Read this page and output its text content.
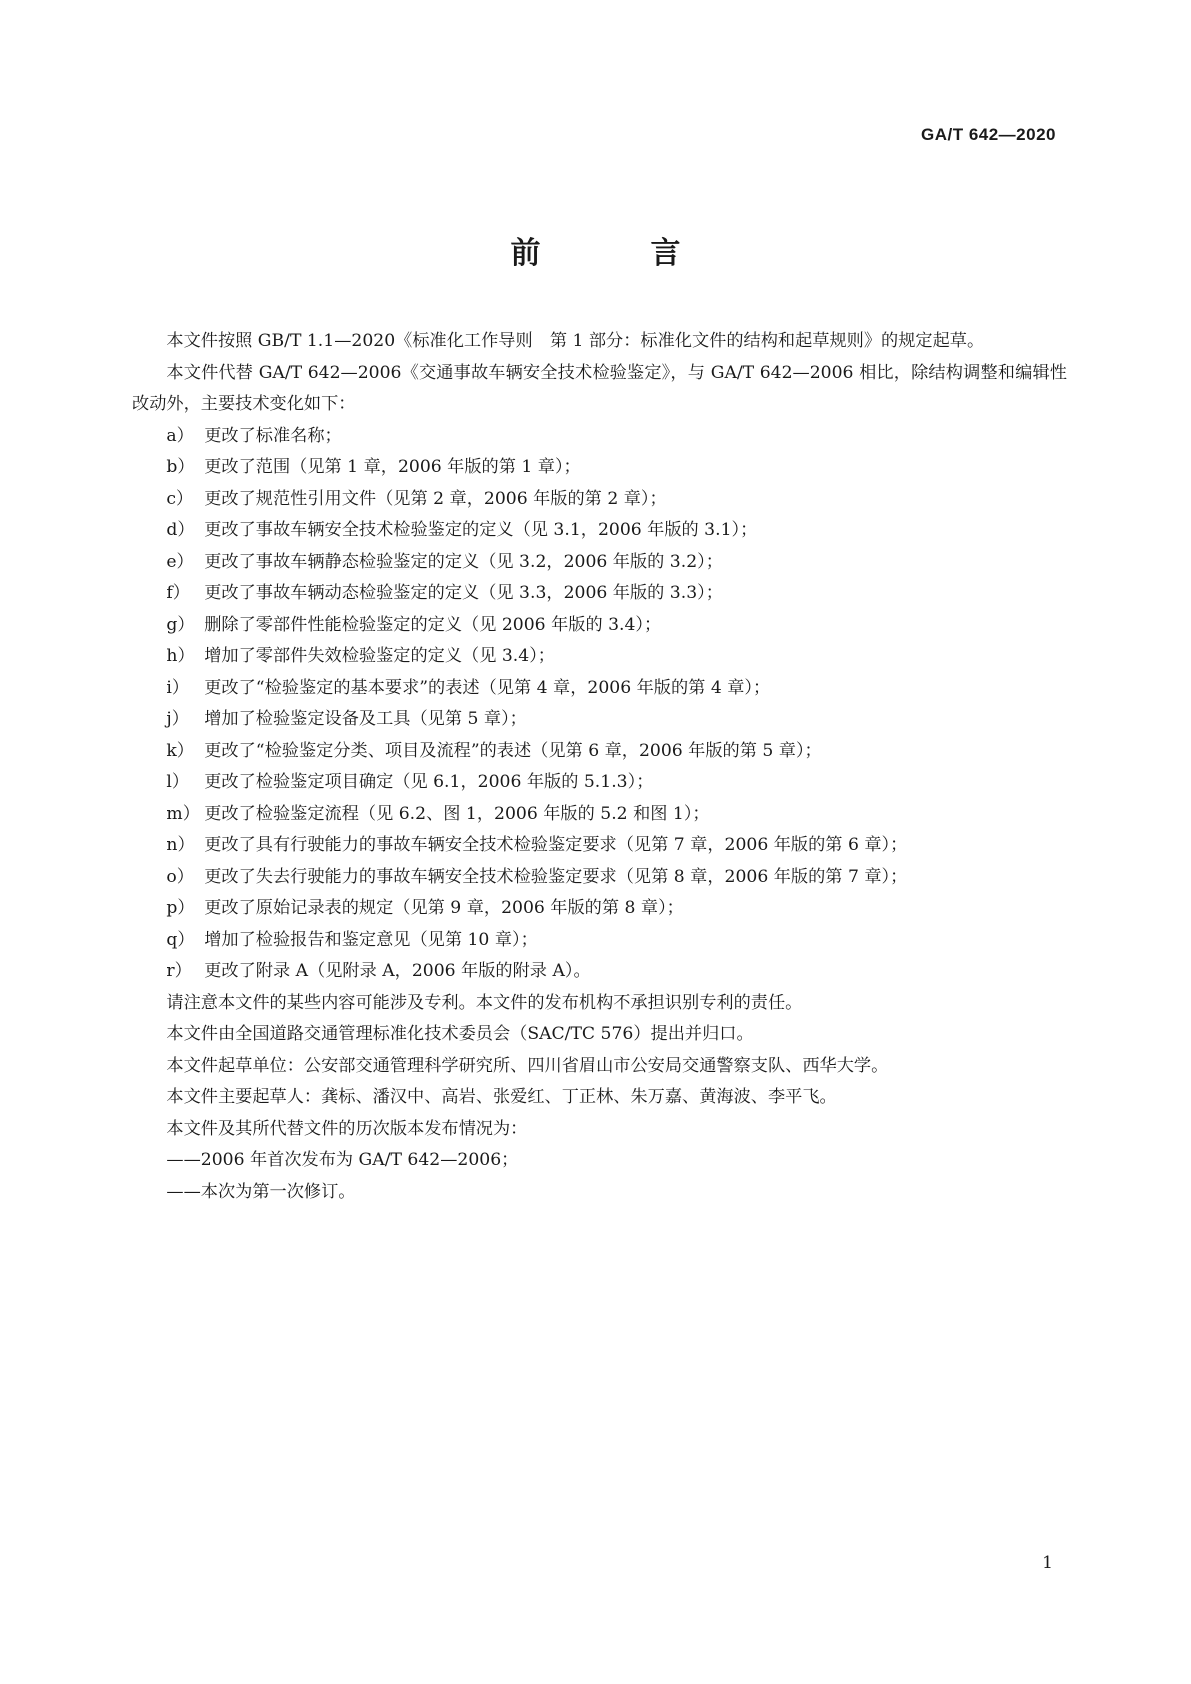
GA/T 642—2020
前　言

本文件按照 GB/T 1.1—2020《标准化工作导则　第 1 部分：标准化文件的结构和起草规则》的规定起草。

本文件代替 GA/T 642—2006《交通事故车辆安全技术检验鉴定》，与 GA/T 642—2006 相比，除结构调整和编辑性改动外，主要技术变化如下：

a） 更改了标准名称；
b） 更改了范围（见第 1 章，2006 年版的第 1 章）；
c） 更改了规范性引用文件（见第 2 章，2006 年版的第 2 章）；
d） 更改了事故车辆安全技术检验鉴定的定义（见 3.1，2006 年版的 3.1）；
e） 更改了事故车辆静态检验鉴定的定义（见 3.2，2006 年版的 3.2）；
f） 更改了事故车辆动态检验鉴定的定义（见 3.3，2006 年版的 3.3）；
g） 删除了零部件性能检验鉴定的定义（见 2006 年版的 3.4）；
h） 增加了零部件失效检验鉴定的定义（见 3.4）；
i） 更改了“检验鉴定的基本要求”的表述（见第 4 章，2006 年版的第 4 章）；
j） 增加了检验鉴定设备及工具（见第 5 章）；
k） 更改了“检验鉴定分类、项目及流程”的表述（见第 6 章，2006 年版的第 5 章）；
l） 更改了检验鉴定项目确定（见 6.1，2006 年版的 5.1.3）；
m） 更改了检验鉴定流程（见 6.2、图 1，2006 年版的 5.2 和图 1）；
n） 更改了具有行驶能力的事故车辆安全技术检验鉴定要求（见第 7 章，2006 年版的第 6 章）；
o） 更改了失去行驶能力的事故车辆安全技术检验鉴定要求（见第 8 章，2006 年版的第 7 章）；
p） 更改了原始记录表的规定（见第 9 章，2006 年版的第 8 章）；
q） 增加了检验报告和鉴定意见（见第 10 章）；
r） 更改了附录 A（见附录 A，2006 年版的附录 A）。

请注意本文件的某些内容可能涉及专利。本文件的发布机构不承担识别专利的责任。

本文件由全国道路交通管理标准化技术委员会（SAC/TC 576）提出并归口。

本文件起草单位：公安部交通管理科学研究所、四川省眉山市公安局交通警察支队、西华大学。

本文件主要起草人：龚标、潘汉中、高岩、张爱红、丁正林、朱万嘉、黄海波、李平飞。

本文件及其所代替文件的历次版本发布情况为：

——2006 年首次发布为 GA/T 642—2006；

——本次为第一次修订。

1
